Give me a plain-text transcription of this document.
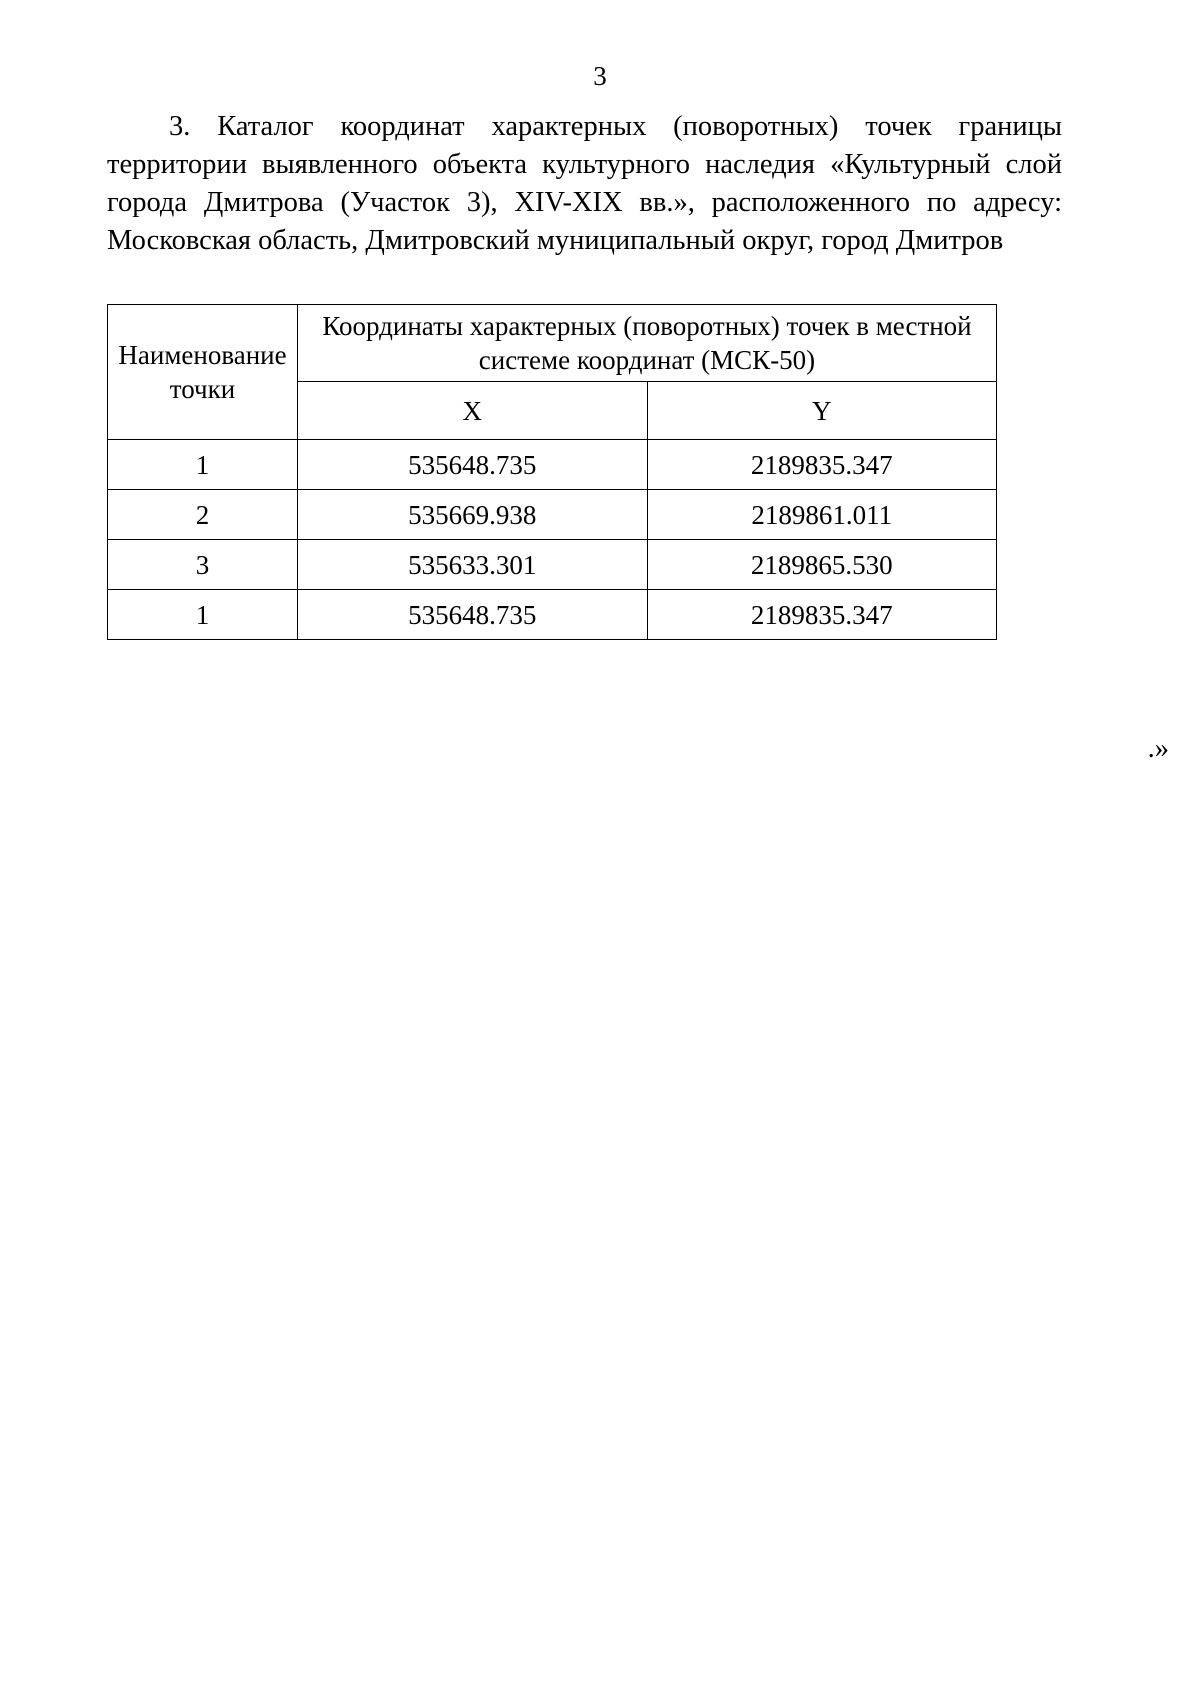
3

3. Каталог координат характерных (поворотных) точек границы территории выявленного объекта культурного наследия «Культурный слой города Дмитрова (Участок 3), XIV-XIX вв.», расположенного по адресу: Московская область, Дмитровский муниципальный округ, город Дмитров

Наименование точки	Координаты характерных (поворотных) точек в местной системе координат (МСК-50)	
	X	Y
1	535648.735	2189835.347
2	535669.938	2189861.011
3	535633.301	2189865.530
1	535648.735	2189835.347
.»
